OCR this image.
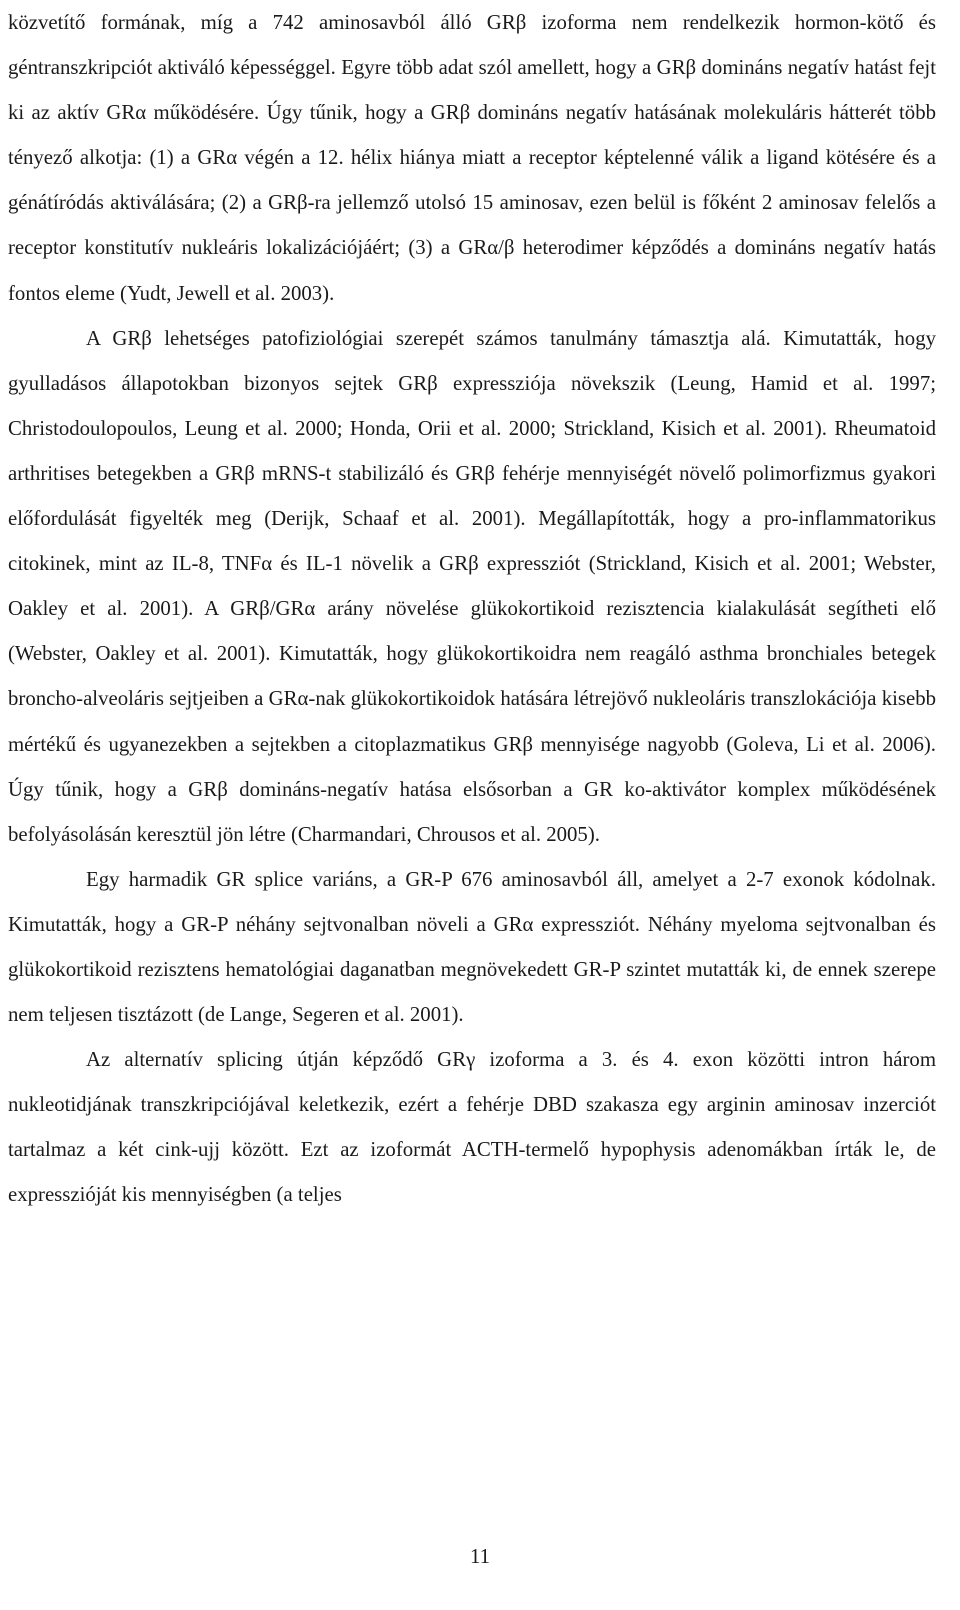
közvetítő formának, míg a 742 aminosavból álló GRβ izoforma nem rendelkezik hormon-kötő és géntranszkripciót aktiváló képességgel. Egyre több adat szól amellett, hogy a GRβ domináns negatív hatást fejt ki az aktív GRα működésére. Úgy tűnik, hogy a GRβ domináns negatív hatásának molekuláris hátterét több tényező alkotja: (1) a GRα végén a 12. hélix hiánya miatt a receptor képtelenné válik a ligand kötésére és a génátíródás aktiválására; (2) a GRβ-ra jellemző utolsó 15 aminosav, ezen belül is főként 2 aminosav felelős a receptor konstitutív nukleáris lokalizációjáért; (3) a GRα/β heterodimer képződés a domináns negatív hatás fontos eleme (Yudt, Jewell et al. 2003).

A GRβ lehetséges patofiziológiai szerepét számos tanulmány támasztja alá. Kimutatták, hogy gyulladásos állapotokban bizonyos sejtek GRβ expressziója növekszik (Leung, Hamid et al. 1997; Christodoulopoulos, Leung et al. 2000; Honda, Orii et al. 2000; Strickland, Kisich et al. 2001). Rheumatoid arthritises betegekben a GRβ mRNS-t stabilizáló és GRβ fehérje mennyiségét növelő polimorfizmus gyakori előfordulását figyelték meg (Derijk, Schaaf et al. 2001). Megállapították, hogy a pro-inflammatorikus citokinek, mint az IL-8, TNFα és IL-1 növelik a GRβ expressziót (Strickland, Kisich et al. 2001; Webster, Oakley et al. 2001). A GRβ/GRα arány növelése glükokortikoid rezisztencia kialakulását segítheti elő (Webster, Oakley et al. 2001). Kimutatták, hogy glükokortikoidra nem reagáló asthma bronchiales betegek broncho-alveoláris sejtjeiben a GRα-nak glükokortikoidok hatására létrejövő nukleoláris transzlokációja kisebb mértékű és ugyanezekben a sejtekben a citoplazmatikus GRβ mennyisége nagyobb (Goleva, Li et al. 2006). Úgy tűnik, hogy a GRβ domináns-negatív hatása elsősorban a GR ko-aktivátor komplex működésének befolyásolásán keresztül jön létre (Charmandari, Chrousos et al. 2005).

Egy harmadik GR splice variáns, a GR-P 676 aminosavból áll, amelyet a 2-7 exonok kódolnak. Kimutatták, hogy a GR-P néhány sejtvonalban növeli a GRα expressziót. Néhány myeloma sejtvonalban és glükokortikoid rezisztens hematológiai daganatban megnövekedett GR-P szintet mutatták ki, de ennek szerepe nem teljesen tisztázott (de Lange, Segeren et al. 2001).

Az alternatív splicing útján képződő GRγ izoforma a 3. és 4. exon közötti intron három nukleotidjának transzkripciójával keletkezik, ezért a fehérje DBD szakasza egy arginin aminosav inzerciót tartalmaz a két cink-ujj között. Ezt az izoformát ACTH-termelő hypophysis adenomákban írták le, de expresszióját kis mennyiségben (a teljes

11
